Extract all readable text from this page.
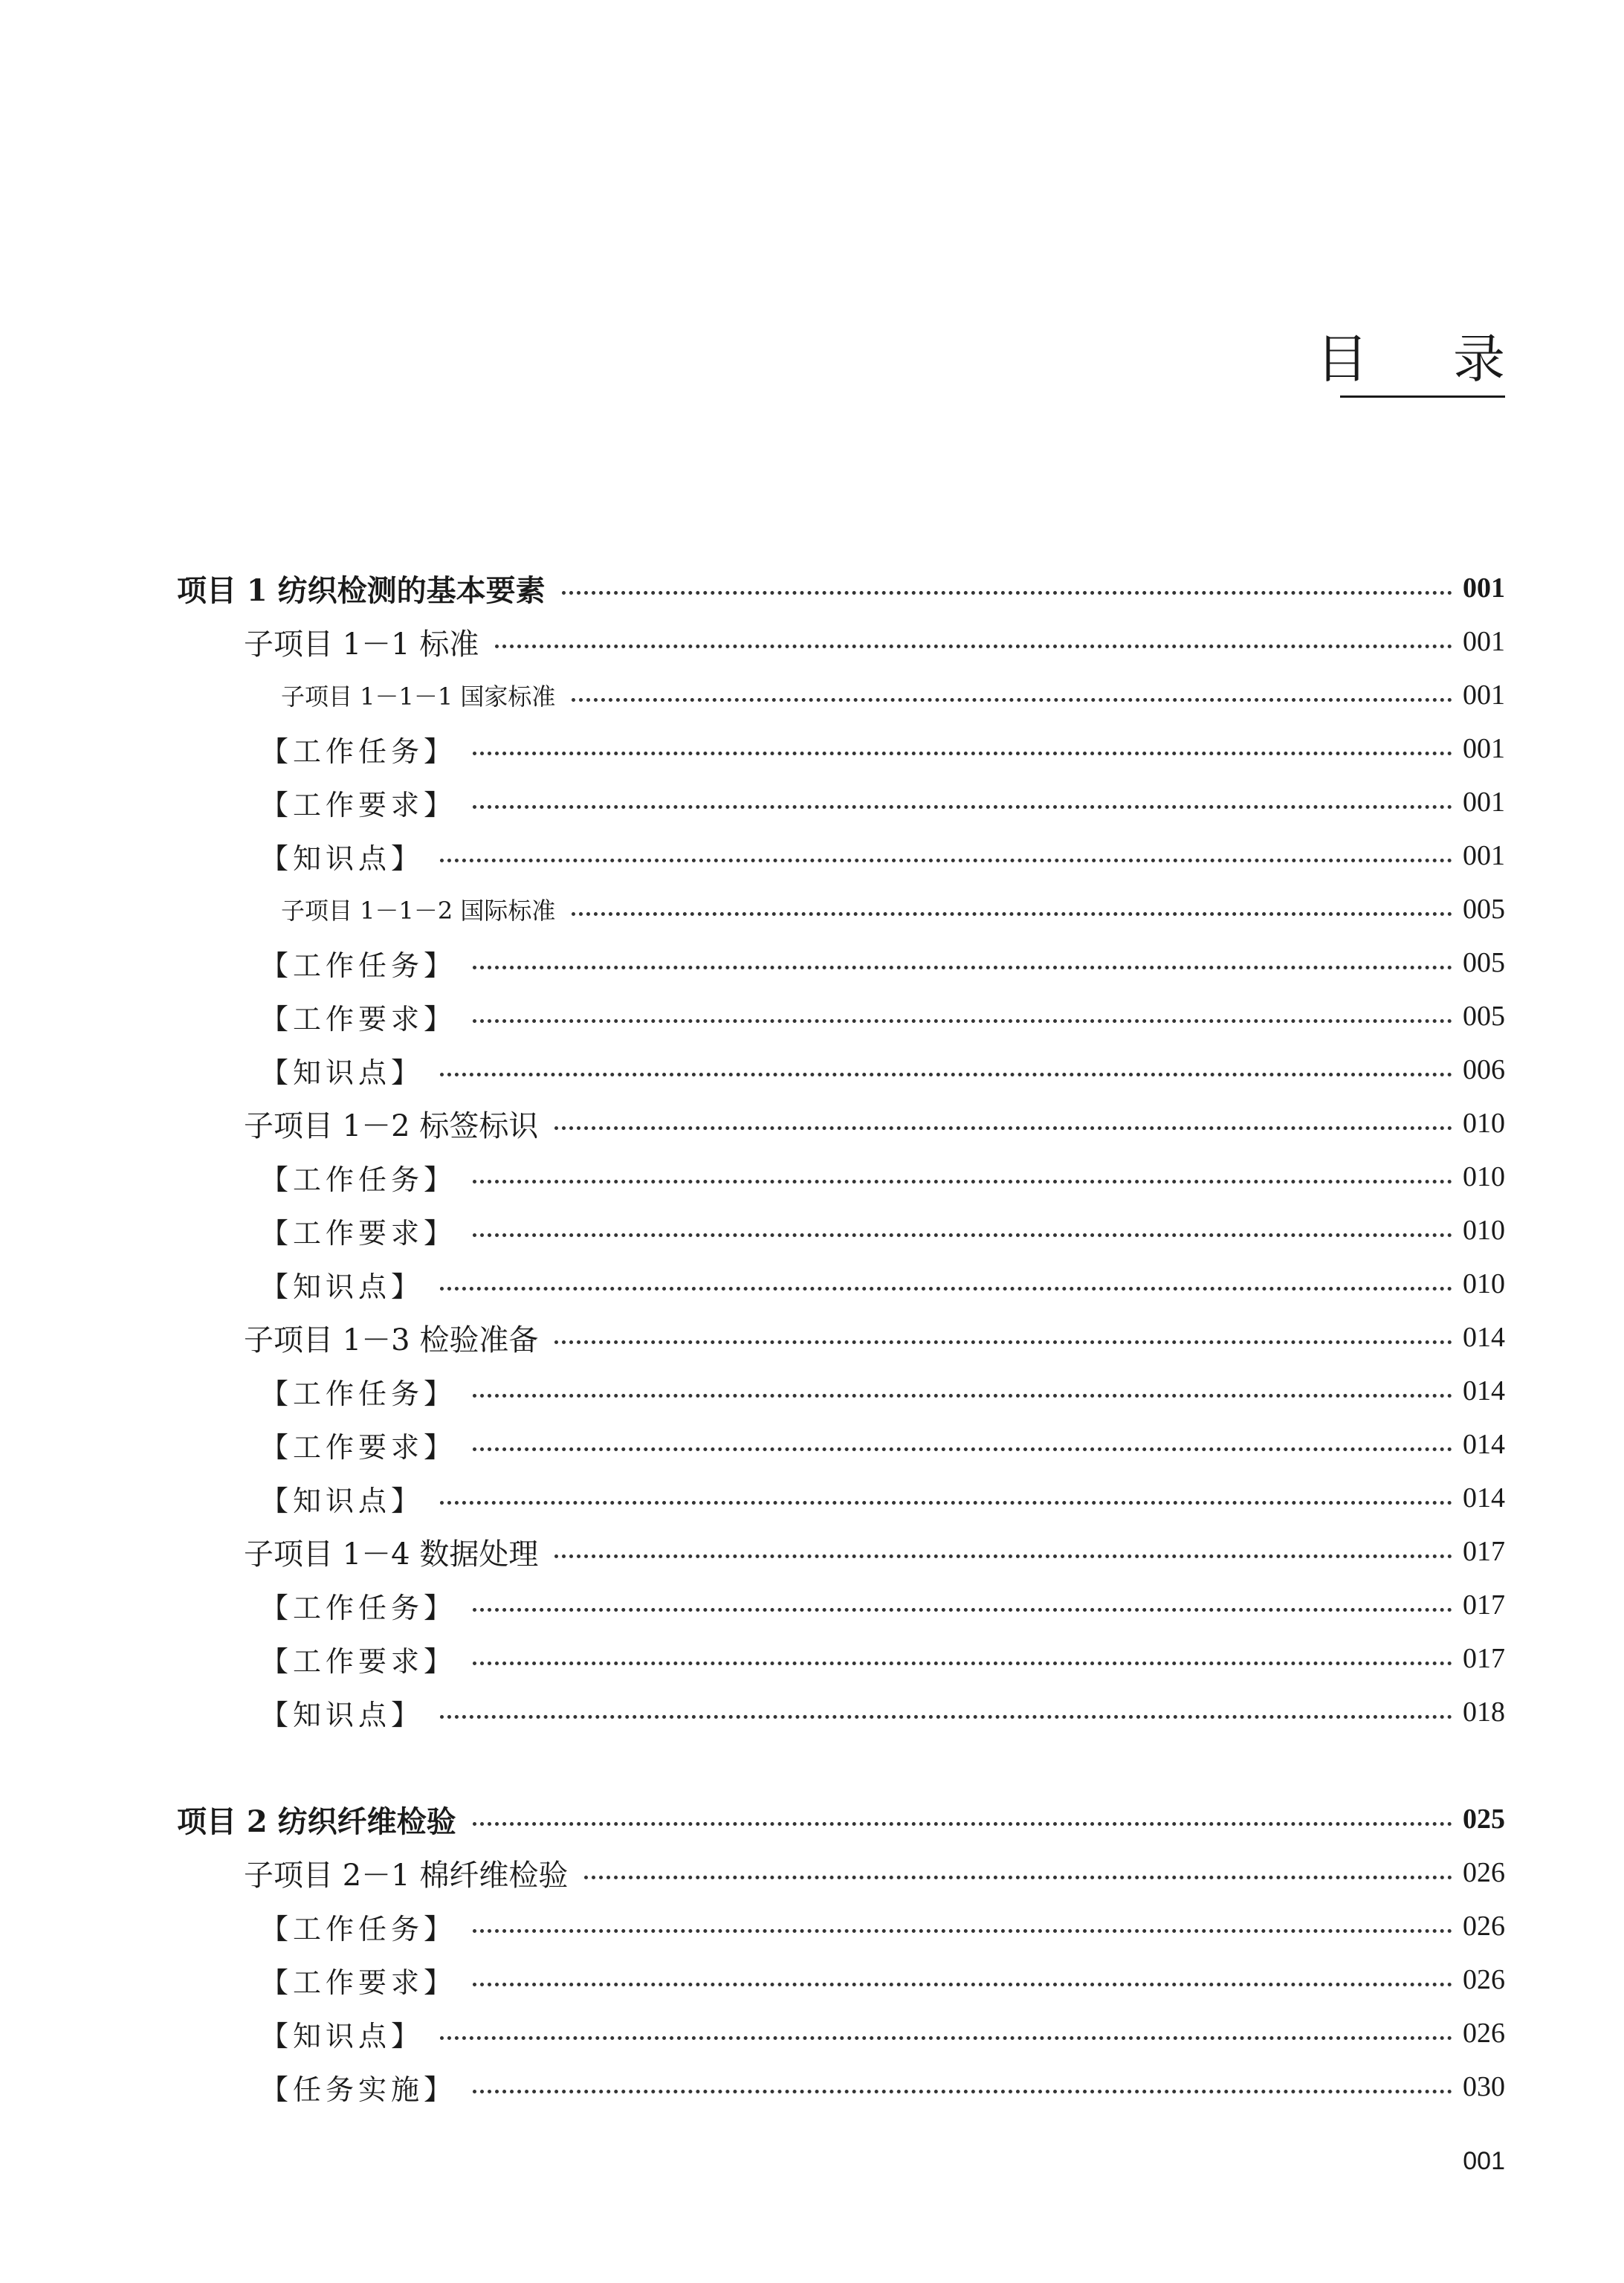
目 录
项目 1 纺织检测的基本要素	001
子项目 1－1 标准	001
子项目 1－1－1 国家标准	001
【工作任务】	001
【工作要求】	001
【知识点】	001
子项目 1－1－2 国际标准	005
【工作任务】	005
【工作要求】	005
【知识点】	006
子项目 1－2 标签标识	010
【工作任务】	010
【工作要求】	010
【知识点】	010
子项目 1－3 检验准备	014
【工作任务】	014
【工作要求】	014
【知识点】	014
子项目 1－4 数据处理	017
【工作任务】	017
【工作要求】	017
【知识点】	018
项目 2 纺织纤维检验	025
子项目 2－1 棉纤维检验	026
【工作任务】	026
【工作要求】	026
【知识点】	026
【任务实施】	030
001
